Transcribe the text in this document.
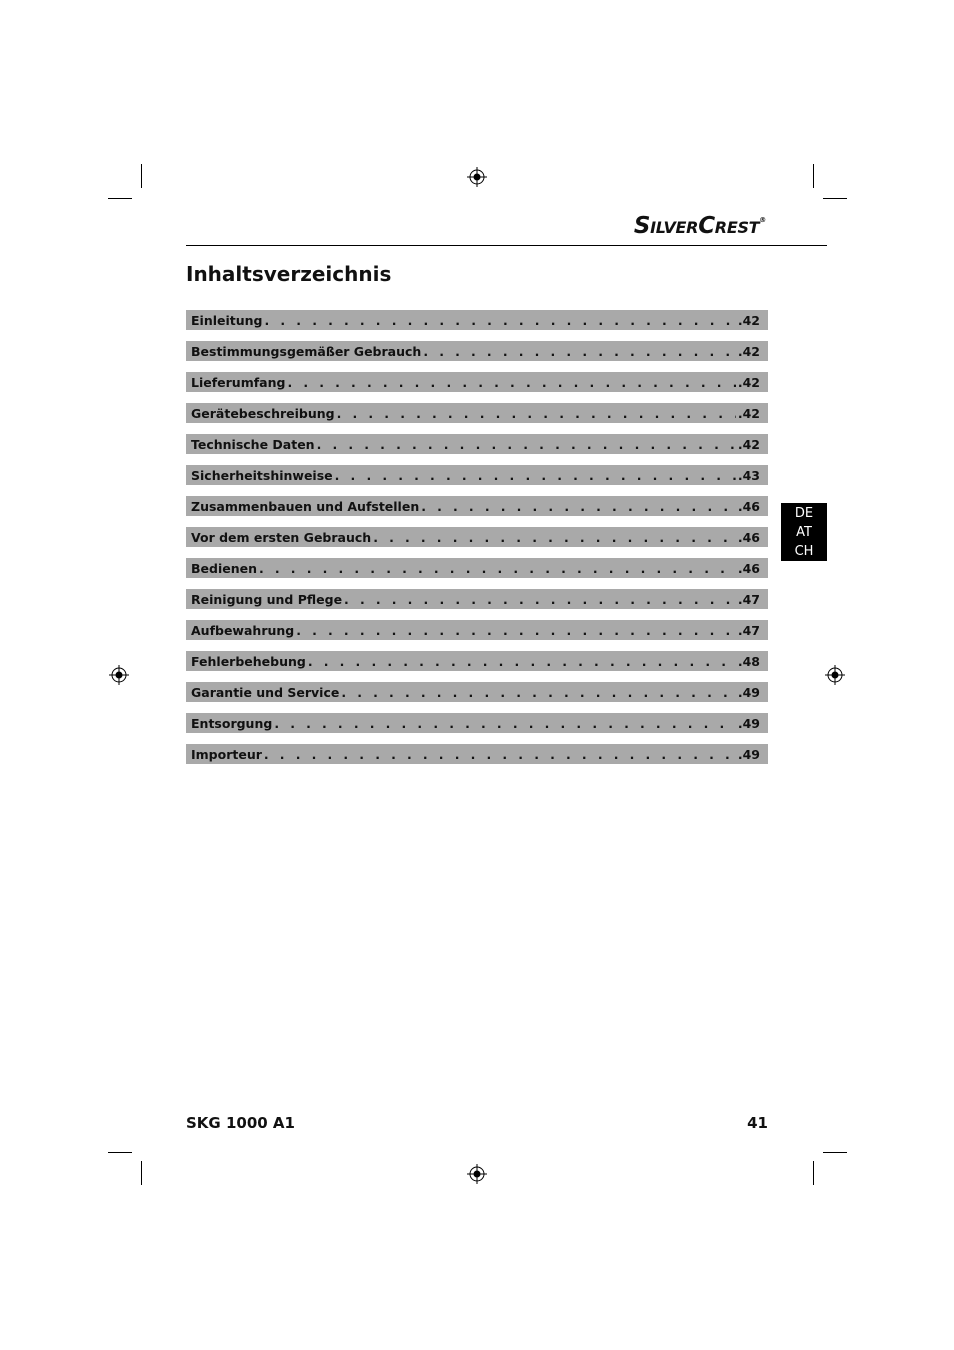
SILVERCREST®
Inhaltsverzeichnis
Einleitung . . .	.42
Bestimmungsgemäßer Gebrauch . . .	.42
Lieferumfang . . .	.42
Gerätebeschreibung . . .	.42
Technische Daten . . .	.42
Sicherheitshinweise . . .	.43
Zusammenbauen und Aufstellen . . .	.46
Vor dem ersten Gebrauch . . .	.46
Bedienen . . .	.46
Reinigung und Pflege . . .	.47
Aufbewahrung . . .	.47
Fehlerbehebung . . .	.48
Garantie und Service . . .	.49
Entsorgung . . .	.49
Importeur . . .	.49
DE
AT
CH
SKG 1000 A1	41
